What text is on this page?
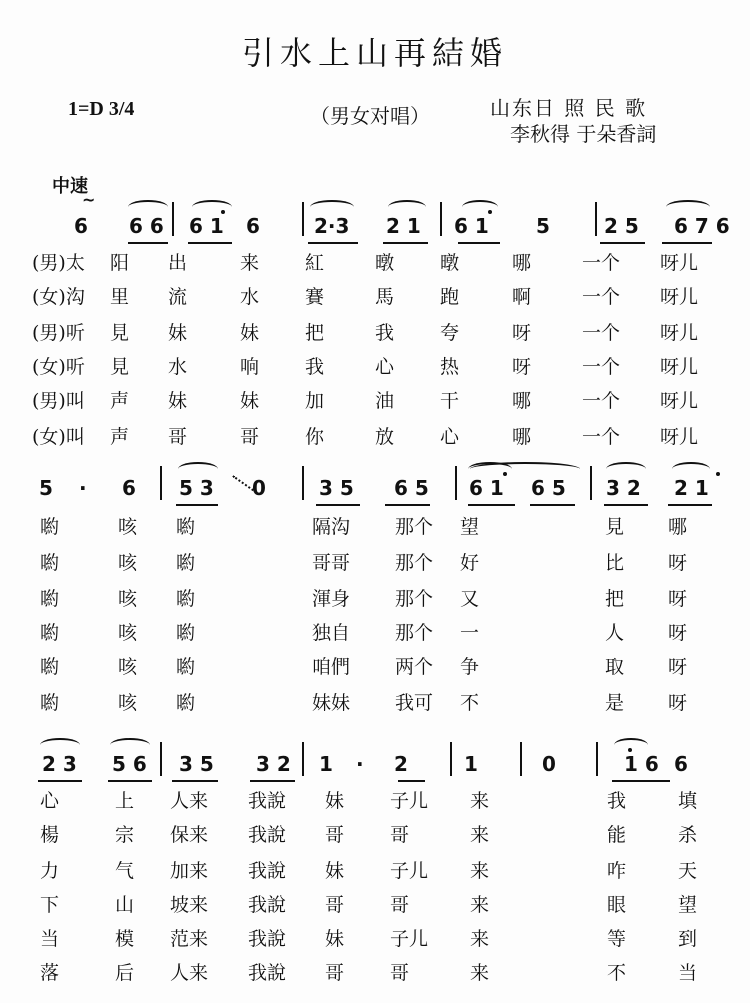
引水上山再結婚
1=D 3/4	（男女对唱）	山东日 照 民 歌
李秋得 于朵香詞
中速
6 6 6 6 1 6	2·3 2 1 6 1 5	2 5 6 7 6
(男)太 阳 出	来 紅	暾 暾	哪	一个 呀儿
(女)沟 里 流	水 賽	馬 跑	啊	一个 呀儿
(男)听 見 妹	妹 把	我 夸	呀	一个 呀儿
(女)听 見 水	响 我	心 热	呀	一个 呀儿
(男)叫 声 妹	妹 加	油 干	哪	一个 呀儿
(女)叫 声 哥	哥 你	放 心	哪	一个 呀儿
~
5 · 6 5 3 0	3 5 6 5 6 1 6 5 3 2 2 1
喲	咳 喲	隔沟 那个 望	見 哪
喲	咳 喲	哥哥 那个 好	比 呀
喲	咳 喲	渾身 那个 又	把 呀
喲	咳 喲	独自 那个 一	人 呀
喲	咳 喲	咱們 两个 争	取 呀
喲	咳 喲	妹妹 我可 不	是 呀
2 3 5 6 3 5 3 2 1 · 2	1	0	1 6 6
心	上 人来 我說 妹 子儿 来	我	填
楊	宗 保来 我說 哥 哥	来	能	杀
力	气 加来 我說 妹 子儿 来	咋	天
下	山 坡来 我說 哥 哥	来	眼	望
当	模 范来 我說 妹 子儿 来	等	到
落	后 人来 我說 哥 哥	来	不	当
